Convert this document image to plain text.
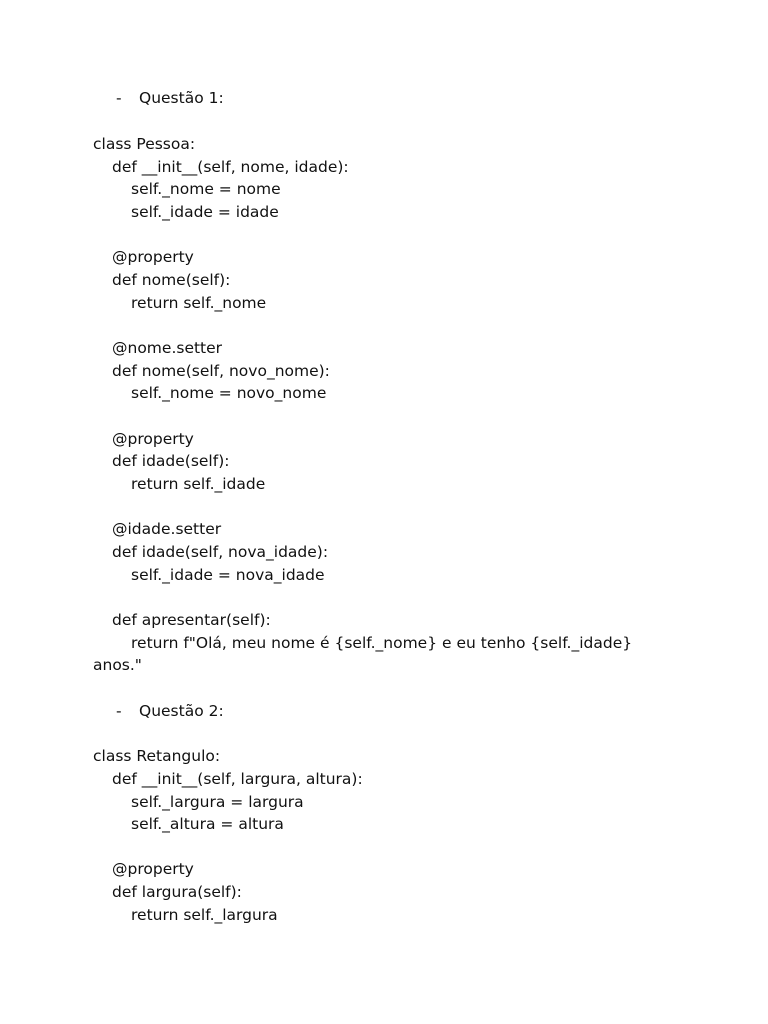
- Questão 1:
class Pessoa:
def __init__(self, nome, idade):
self._nome = nome
self._idade = idade
@property
def nome(self):
return self._nome
@nome.setter
def nome(self, novo_nome):
self._nome = novo_nome
@property
def idade(self):
return self._idade
@idade.setter
def idade(self, nova_idade):
self._idade = nova_idade
def apresentar(self):
return f"Olá, meu nome é {self._nome} e eu tenho {self._idade}
anos."
- Questão 2:
class Retangulo:
def __init__(self, largura, altura):
self._largura = largura
self._altura = altura
@property
def largura(self):
return self._largura
